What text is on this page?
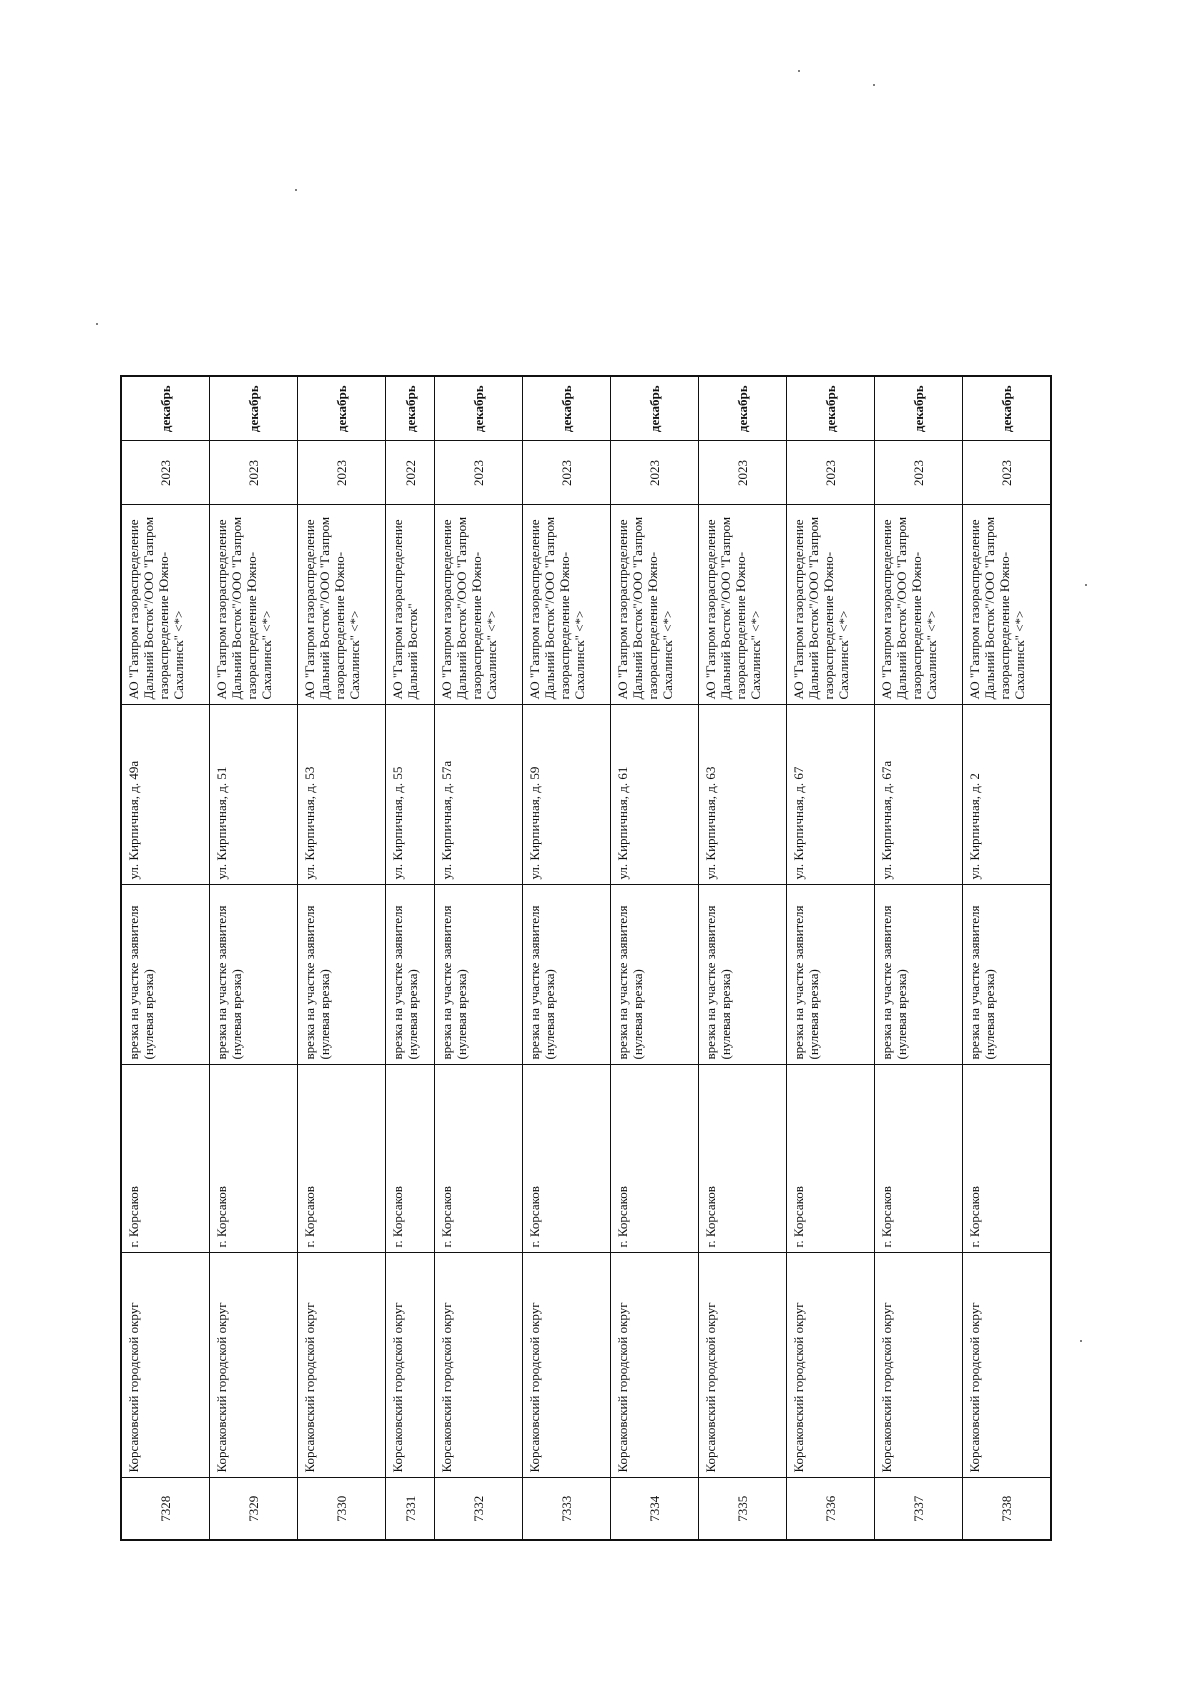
7328	Корсаковский городской округ	г. Корсаков	врезка на участке заявителя (нулевая врезка)	ул. Кирпичная, д. 49а	АО "Газпром газораспределение Дальний Восток"/ООО "Газпром газораспределение Южно-Сахалинск" <*>	2023	декабрь
7329	Корсаковский городской округ	г. Корсаков	врезка на участке заявителя (нулевая врезка)	ул. Кирпичная, д. 51	АО "Газпром газораспределение Дальний Восток"/ООО "Газпром газораспределение Южно-Сахалинск" <*>	2023	декабрь
7330	Корсаковский городской округ	г. Корсаков	врезка на участке заявителя (нулевая врезка)	ул. Кирпичная, д. 53	АО "Газпром газораспределение Дальний Восток"/ООО "Газпром газораспределение Южно-Сахалинск" <*>	2023	декабрь
7331	Корсаковский городской округ	г. Корсаков	врезка на участке заявителя (нулевая врезка)	ул. Кирпичная, д. 55	АО "Газпром газораспределение Дальний Восток"	2022	декабрь
7332	Корсаковский городской округ	г. Корсаков	врезка на участке заявителя (нулевая врезка)	ул. Кирпичная, д. 57а	АО "Газпром газораспределение Дальний Восток"/ООО "Газпром газораспределение Южно-Сахалинск" <*>	2023	декабрь
7333	Корсаковский городской округ	г. Корсаков	врезка на участке заявителя (нулевая врезка)	ул. Кирпичная, д. 59	АО "Газпром газораспределение Дальний Восток"/ООО "Газпром газораспределение Южно-Сахалинск" <*>	2023	декабрь
7334	Корсаковский городской округ	г. Корсаков	врезка на участке заявителя (нулевая врезка)	ул. Кирпичная, д. 61	АО "Газпром газораспределение Дальний Восток"/ООО "Газпром газораспределение Южно-Сахалинск" <*>	2023	декабрь
7335	Корсаковский городской округ	г. Корсаков	врезка на участке заявителя (нулевая врезка)	ул. Кирпичная, д. 63	АО "Газпром газораспределение Дальний Восток"/ООО "Газпром газораспределение Южно-Сахалинск" <*>	2023	декабрь
7336	Корсаковский городской округ	г. Корсаков	врезка на участке заявителя (нулевая врезка)	ул. Кирпичная, д. 67	АО "Газпром газораспределение Дальний Восток"/ООО "Газпром газораспределение Южно-Сахалинск" <*>	2023	декабрь
7337	Корсаковский городской округ	г. Корсаков	врезка на участке заявителя (нулевая врезка)	ул. Кирпичная, д. 67а	АО "Газпром газораспределение Дальний Восток"/ООО "Газпром газораспределение Южно-Сахалинск" <*>	2023	декабрь
7338	Корсаковский городской округ	г. Корсаков	врезка на участке заявителя (нулевая врезка)	ул. Кирпичная, д. 2	АО "Газпром газораспределение Дальний Восток"/ООО "Газпром газораспределение Южно-Сахалинск" <*>	2023	декабрь
